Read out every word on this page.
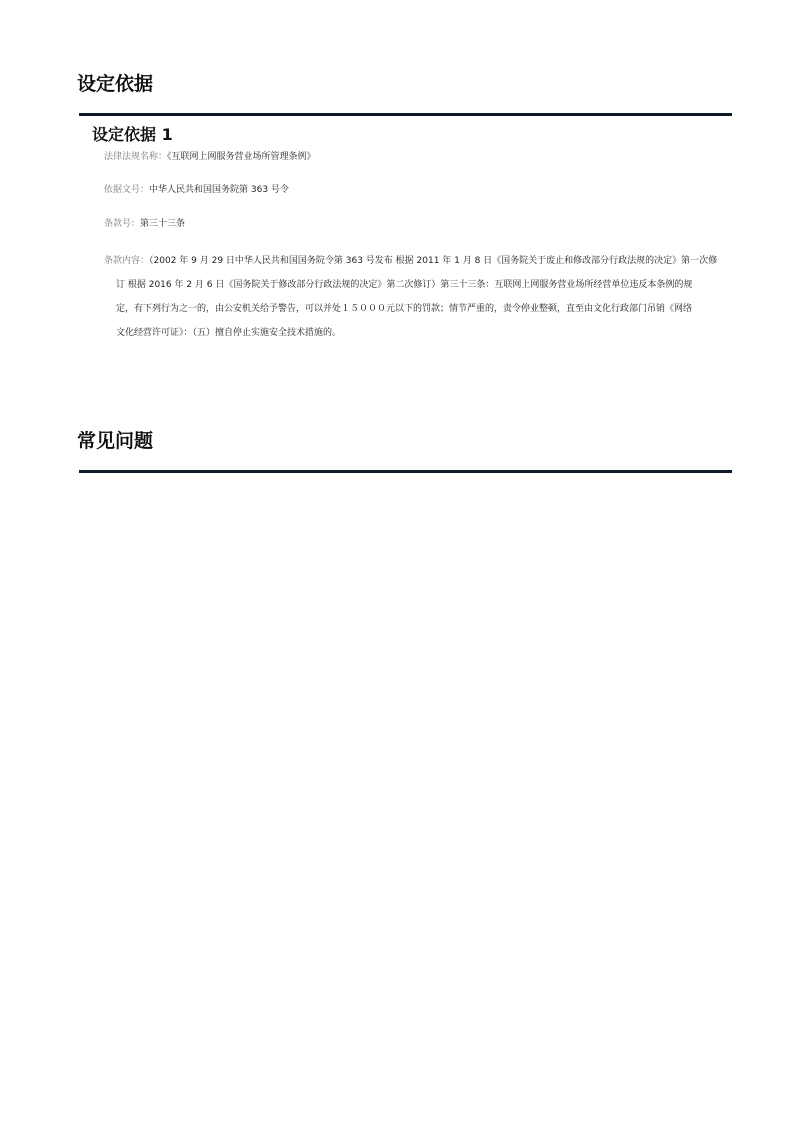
设定依据
设定依据 1
法律法规名称：《互联网上网服务营业场所管理条例》
依据文号：中华人民共和国国务院第 363 号令
条款号：第三十三条
条款内容：（2002 年 9 月 29 日中华人民共和国国务院令第 363 号发布 根据 2011 年 1 月 8 日《国务院关于废止和修改部分行政法规的决定》第一次修
订 根据 2016 年 2 月 6 日《国务院关于修改部分行政法规的决定》第二次修订）第三十三条：互联网上网服务营业场所经营单位违反本条例的规
定，有下列行为之一的，由公安机关给予警告，可以并处１５０００元以下的罚款；情节严重的，责令停业整顿，直至由文化行政部门吊销《网络
文化经营许可证》：（五）擅自停止实施安全技术措施的。
常见问题
